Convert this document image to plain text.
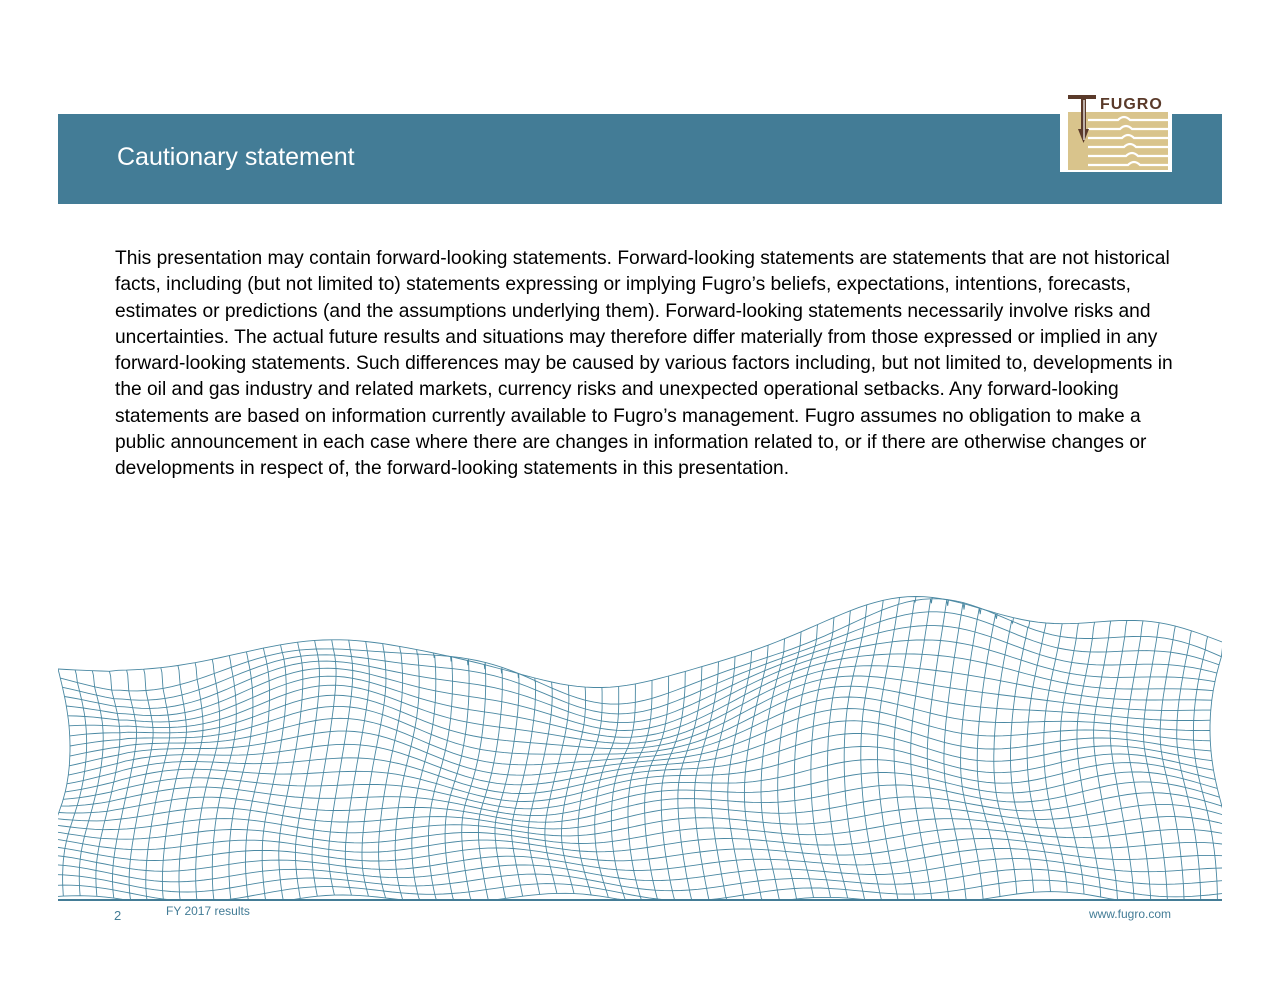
Cautionary statement
FUGRO

This presentation may contain forward-looking statements. Forward-looking statements are statements that are not historical facts, including (but not limited to) statements expressing or implying Fugro’s beliefs, expectations, intentions, forecasts, estimates or predictions (and the assumptions underlying them). Forward-looking statements necessarily involve risks and uncertainties. The actual future results and situations may therefore differ materially from those expressed or implied in any forward-looking statements. Such differences may be caused by various factors including, but not limited to, developments in the oil and gas industry and related markets, currency risks and unexpected operational setbacks. Any forward-looking statements are based on information currently available to Fugro’s management. Fugro assumes no obligation to make a public announcement in each case where there are changes in information related to, or if there are otherwise changes or developments in respect of, the forward-looking statements in this presentation.

2	FY 2017 results	www.fugro.com
